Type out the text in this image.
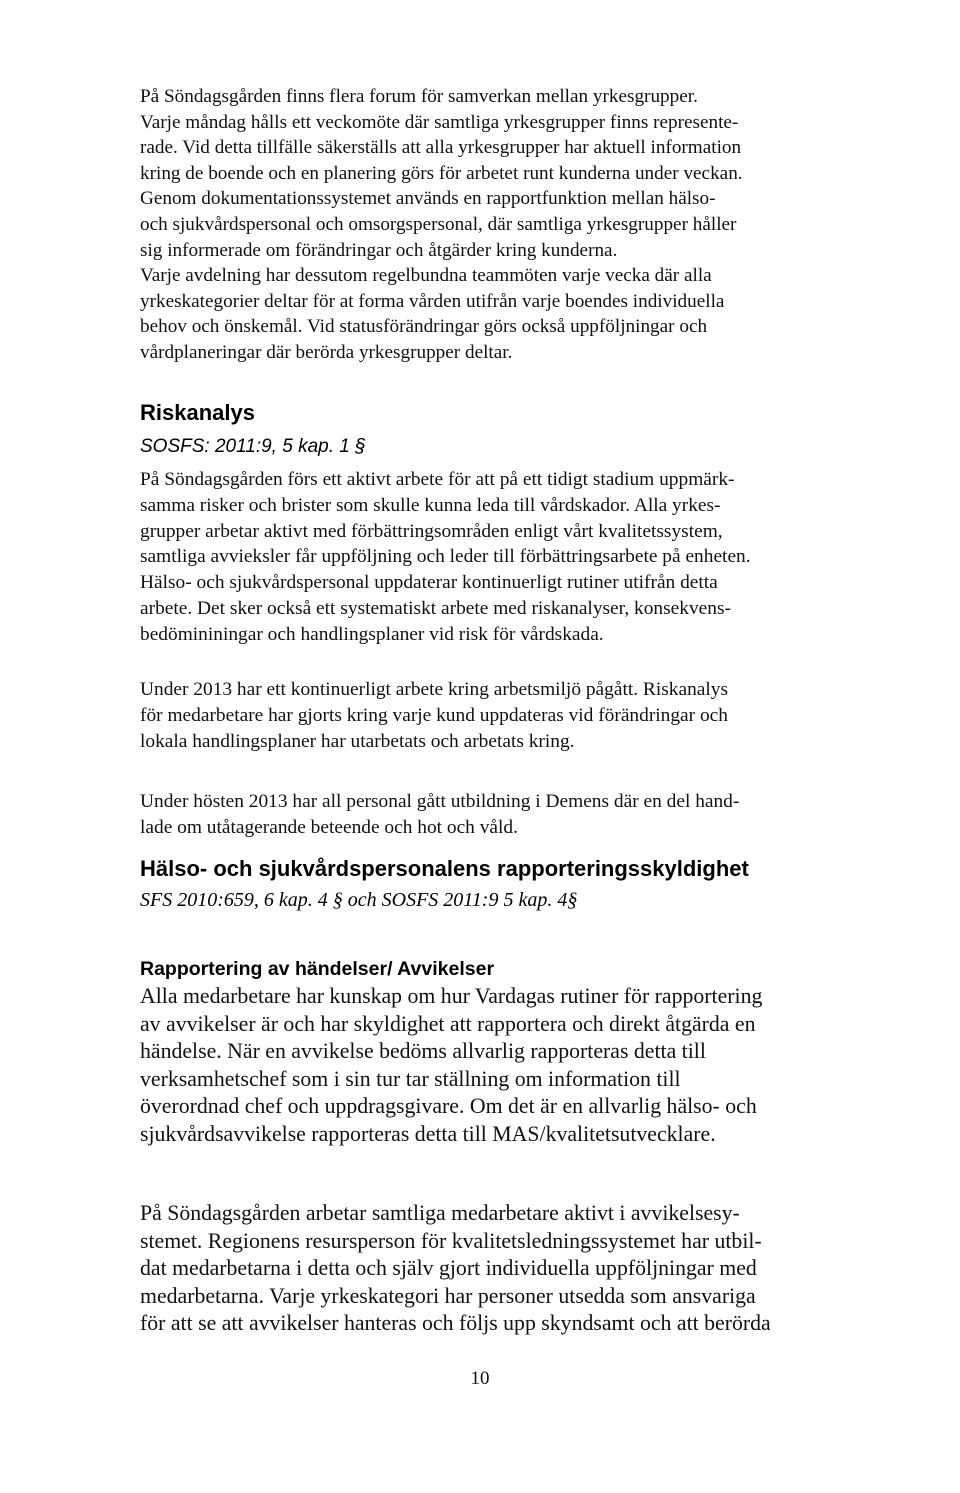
På Söndagsgården finns flera forum för samverkan mellan yrkesgrupper.
Varje måndag hålls ett veckomöte där samtliga yrkesgrupper finns represente-
rade. Vid detta tillfälle säkerställs att alla yrkesgrupper har aktuell information
kring de boende och en planering görs för arbetet runt kunderna under veckan.
Genom dokumentationssystemet används en rapportfunktion mellan hälso-
och sjukvårdspersonal och omsorgspersonal, där samtliga yrkesgrupper håller
sig informerade om förändringar och åtgärder kring kunderna.
Varje avdelning har dessutom regelbundna teammöten varje vecka där alla
yrkeskategorier deltar för at forma vården utifrån varje boendes individuella
behov och önskemål. Vid statusförändringar görs också uppföljningar och
vårdplaneringar där berörda yrkesgrupper deltar.
Riskanalys
SOSFS: 2011:9, 5 kap. 1 §
På Söndagsgården förs ett aktivt arbete för att på ett tidigt stadium uppmärk-
samma risker och brister som skulle kunna leda till vårdskador. Alla yrkes-
grupper arbetar aktivt med förbättringsområden enligt vårt kvalitetssystem,
samtliga avvieksler får uppföljning och leder till förbättringsarbete på enheten.
Hälso- och sjukvårdspersonal uppdaterar kontinuerligt rutiner utifrån detta
arbete. Det sker också ett systematiskt arbete med riskanalyser, konsekvens-
bedömininingar och handlingsplaner vid risk för vårdskada.
Under 2013 har ett kontinuerligt arbete kring arbetsmiljö pågått. Riskanalys
för medarbetare har gjorts kring varje kund uppdateras vid förändringar och
lokala handlingsplaner har utarbetats och arbetats kring.
Under hösten 2013 har all personal gått utbildning i Demens där en del hand-
lade om utåtagerande beteende och hot och våld.
Hälso- och sjukvårdspersonalens rapporteringsskyldighet
SFS 2010:659, 6 kap. 4 § och SOSFS 2011:9 5 kap. 4§
Rapportering av händelser/ Avvikelser
Alla medarbetare har kunskap om hur Vardagas rutiner för rapportering
av avvikelser är och har skyldighet att rapportera och direkt åtgärda en
händelse. När en avvikelse bedöms allvarlig rapporteras detta till
verksamhetschef som i sin tur tar ställning om information till
överordnad chef och uppdragsgivare. Om det är en allvarlig hälso- och
sjukvårdsavvikelse rapporteras detta till MAS/kvalitetsutvecklare.
På Söndagsgården arbetar samtliga medarbetare aktivt i avvikelsesy-
stemet. Regionens resursperson för kvalitetsledningssystemet har utbil-
dat medarbetarna i detta och själv gjort individuella uppföljningar med
medarbetarna. Varje yrkeskategori har personer utsedda som ansvariga
för att se att avvikelser hanteras och följs upp skyndsamt och att berörda
10
